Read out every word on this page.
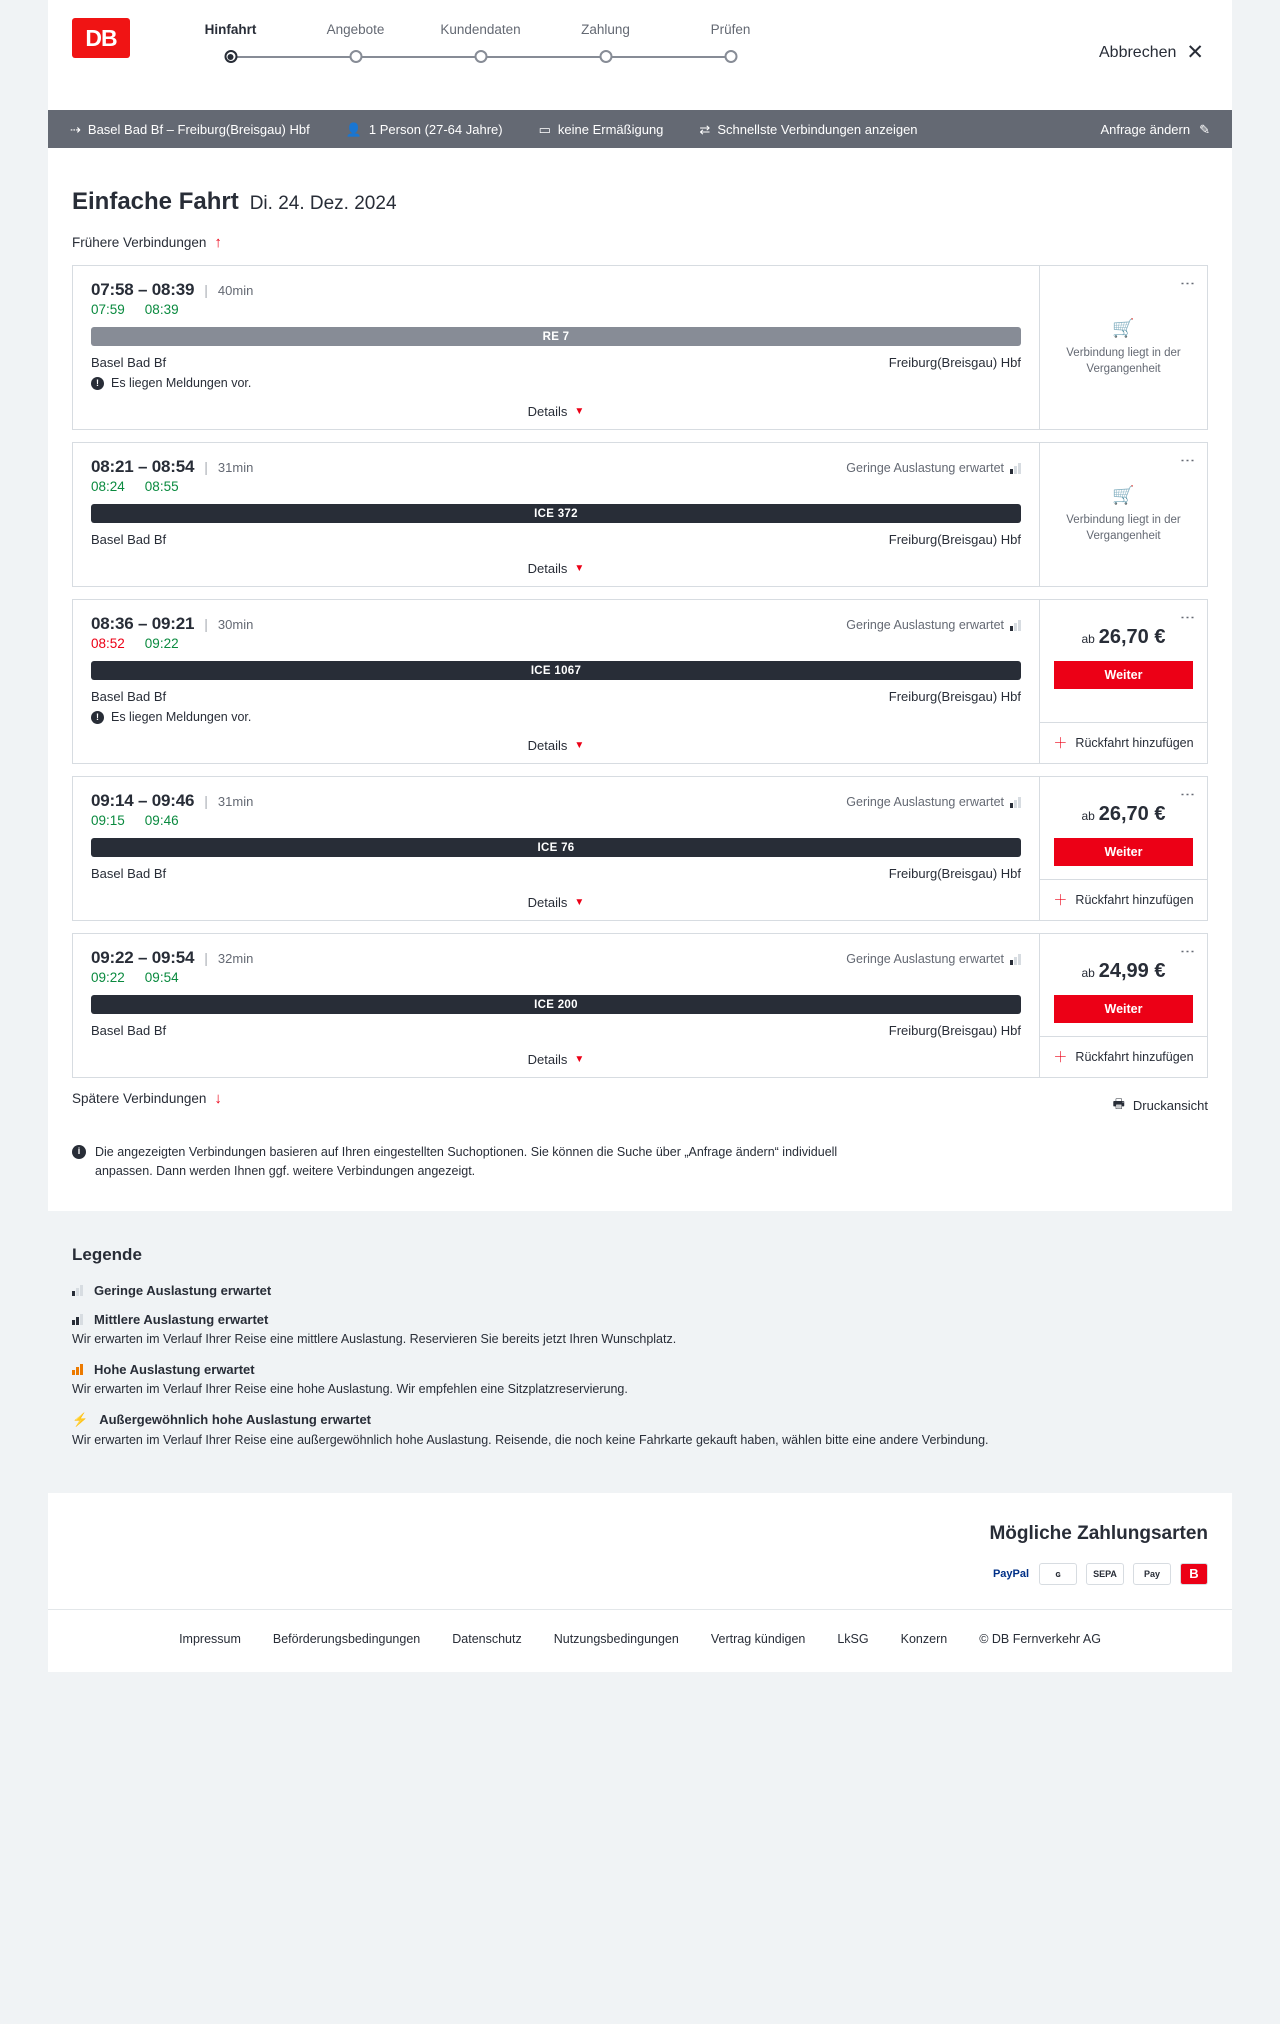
DB	Hinfahrt	Angebote	Kundendaten	Zahlung	Prüfen
Abbrechen ✕
⇢ Basel Bad Bf – Freiburg(Breisgau) Hbf	👤 1 Person (27-64 Jahre)	▭ keine Ermäßigung	⇄ Schnellste Verbindungen anzeigen	Anfrage ändern ✎
Einfache Fahrt Di. 24. Dez. 2024
Frühere Verbindungen ↑
07:58 – 08:39 | 40min
07:59 08:39
RE 7
Basel Bad Bf	Freiburg(Breisgau) Hbf
! Es liegen Meldungen vor.
Details ▼
⋮
🛒
Verbindung liegt in der Vergangenheit
08:21 – 08:54 | 31min	Geringe Auslastung erwartet
08:24 08:55
ICE 372
Basel Bad Bf	Freiburg(Breisgau) Hbf
Details ▼
⋮
🛒
Verbindung liegt in der Vergangenheit
08:36 – 09:21 | 30min	Geringe Auslastung erwartet
08:52 09:22
ICE 1067
Basel Bad Bf	Freiburg(Breisgau) Hbf
! Es liegen Meldungen vor.
Details ▼
⋮
ab 26,70 €
Weiter
＋ Rückfahrt hinzufügen
09:14 – 09:46 | 31min	Geringe Auslastung erwartet
09:15 09:46
ICE 76
Basel Bad Bf	Freiburg(Breisgau) Hbf
Details ▼
⋮
ab 26,70 €
Weiter
＋ Rückfahrt hinzufügen
09:22 – 09:54 | 32min	Geringe Auslastung erwartet
09:22 09:54
ICE 200
Basel Bad Bf	Freiburg(Breisgau) Hbf
Details ▼
⋮
ab 24,99 €
Weiter
＋ Rückfahrt hinzufügen
Spätere Verbindungen ↓	🖶 Druckansicht
i	Die angezeigten Verbindungen basieren auf Ihren eingestellten Suchoptionen. Sie können die Suche über „Anfrage ändern“ individuell anpassen. Dann werden Ihnen ggf. weitere Verbindungen angezeigt.
Legende
Geringe Auslastung erwartet
Mittlere Auslastung erwartet
Wir erwarten im Verlauf Ihrer Reise eine mittlere Auslastung. Reservieren Sie bereits jetzt Ihren Wunschplatz.
Hohe Auslastung erwartet
Wir erwarten im Verlauf Ihrer Reise eine hohe Auslastung. Wir empfehlen eine Sitzplatzreservierung.
⚡ Außergewöhnlich hohe Auslastung erwartet
Wir erwarten im Verlauf Ihrer Reise eine außergewöhnlich hohe Auslastung. Reisende, die noch keine Fahrkarte gekauft haben, wählen bitte eine andere Verbindung.
Mögliche Zahlungsarten
PayPal	ɢ	SEPA	Pay	B
Impressum	Beförderungsbedingungen	Datenschutz	Nutzungsbedingungen	Vertrag kündigen	LkSG	Konzern	© DB Fernverkehr AG
